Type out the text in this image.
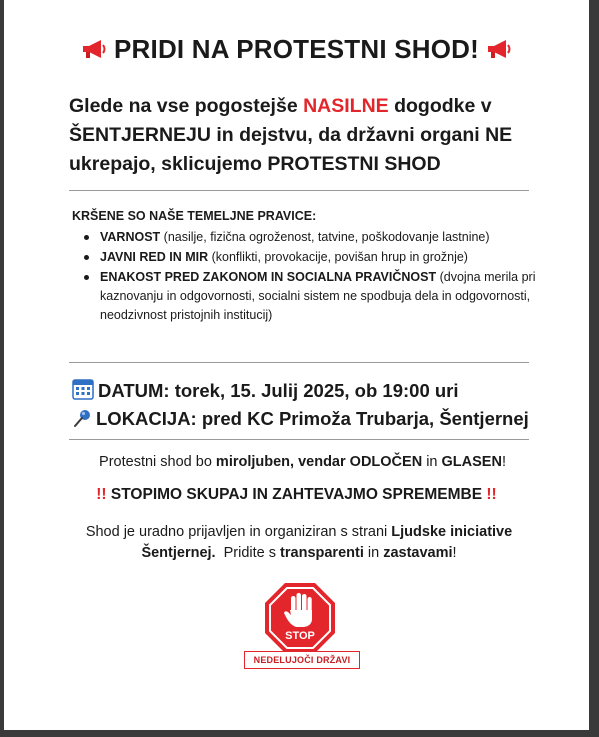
PRIDI NA PROTESTNI SHOD!
Glede na vse pogostejše NASILNE dogodke v ŠENTJERNEJU in dejstvu, da državni organi NE ukrepajo, sklicujemo PROTESTNI SHOD
KRŠENE SO NAŠE TEMELJNE PRAVICE:
VARNOST (nasilje, fizična ogroženost, tatvine, poškodovanje lastnine)
JAVNI RED IN MIR (konflikti, provokacije, povišan hrup in grožnje)
ENAKOST PRED ZAKONOM IN SOCIALNA PRAVIČNOST (dvojna merila pri kaznovanju in odgovornosti, socialni sistem ne spodbuja dela in odgovornosti, neodzivnost pristojnih institucij)
DATUM: torek, 15. Julij 2025, ob 19:00 uri
LOKACIJA: pred KC Primoža Trubarja, Šentjernej
Protestni shod bo miroljuben, vendar ODLOČEN in GLASEN!
!! STOPIMO SKUPAJ IN ZAHTEVAJMO SPREMEMBE !!
Shod je uradno prijavljen in organiziran s strani Ljudske iniciative Šentjernej.  Pridite s transparenti in zastavami!
STOP
NEDELUJOČI DRŽAVI
